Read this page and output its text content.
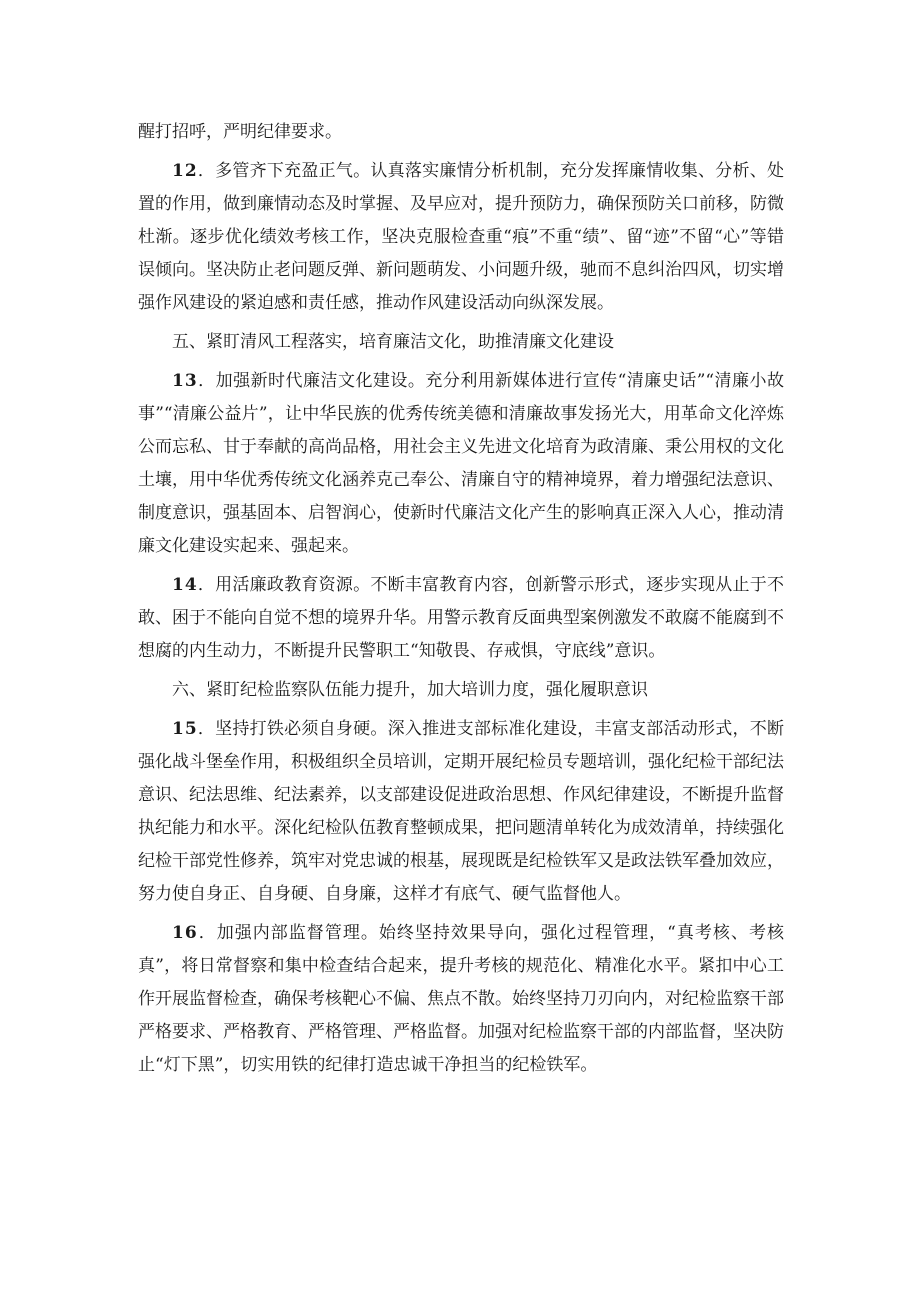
醒打招呼，严明纪律要求。

12．多管齐下充盈正气。认真落实廉情分析机制，充分发挥廉情收集、分析、处置的作用，做到廉情动态及时掌握、及早应对，提升预防力，确保预防关口前移，防微杜渐。逐步优化绩效考核工作，坚决克服检查重“痕”不重“绩”、留“迹”不留“心”等错误倾向。坚决防止老问题反弹、新问题萌发、小问题升级，驰而不息纠治四风，切实增强作风建设的紧迫感和责任感，推动作风建设活动向纵深发展。

五、紧盯清风工程落实，培育廉洁文化，助推清廉文化建设

13．加强新时代廉洁文化建设。充分利用新媒体进行宣传“清廉史话”“清廉小故事”“清廉公益片”，让中华民族的优秀传统美德和清廉故事发扬光大，用革命文化淬炼公而忘私、甘于奉献的高尚品格，用社会主义先进文化培育为政清廉、秉公用权的文化土壤，用中华优秀传统文化涵养克己奉公、清廉自守的精神境界，着力增强纪法意识、制度意识，强基固本、启智润心，使新时代廉洁文化产生的影响真正深入人心，推动清廉文化建设实起来、强起来。

14．用活廉政教育资源。不断丰富教育内容，创新警示形式，逐步实现从止于不敢、困于不能向自觉不想的境界升华。用警示教育反面典型案例激发不敢腐不能腐到不想腐的内生动力，不断提升民警职工“知敬畏、存戒惧，守底线”意识。

六、紧盯纪检监察队伍能力提升，加大培训力度，强化履职意识

15．坚持打铁必须自身硬。深入推进支部标准化建设，丰富支部活动形式，不断强化战斗堡垒作用，积极组织全员培训，定期开展纪检员专题培训，强化纪检干部纪法意识、纪法思维、纪法素养，以支部建设促进政治思想、作风纪律建设，不断提升监督执纪能力和水平。深化纪检队伍教育整顿成果，把问题清单转化为成效清单，持续强化纪检干部党性修养，筑牢对党忠诚的根基，展现既是纪检铁军又是政法铁军叠加效应，努力使自身正、自身硬、自身廉，这样才有底气、硬气监督他人。

16．加强内部监督管理。始终坚持效果导向，强化过程管理，“真考核、考核真”，将日常督察和集中检查结合起来，提升考核的规范化、精准化水平。紧扣中心工作开展监督检查，确保考核靶心不偏、焦点不散。始终坚持刀刃向内，对纪检监察干部严格要求、严格教育、严格管理、严格监督。加强对纪检监察干部的内部监督，坚决防止“灯下黑”，切实用铁的纪律打造忠诚干净担当的纪检铁军。
